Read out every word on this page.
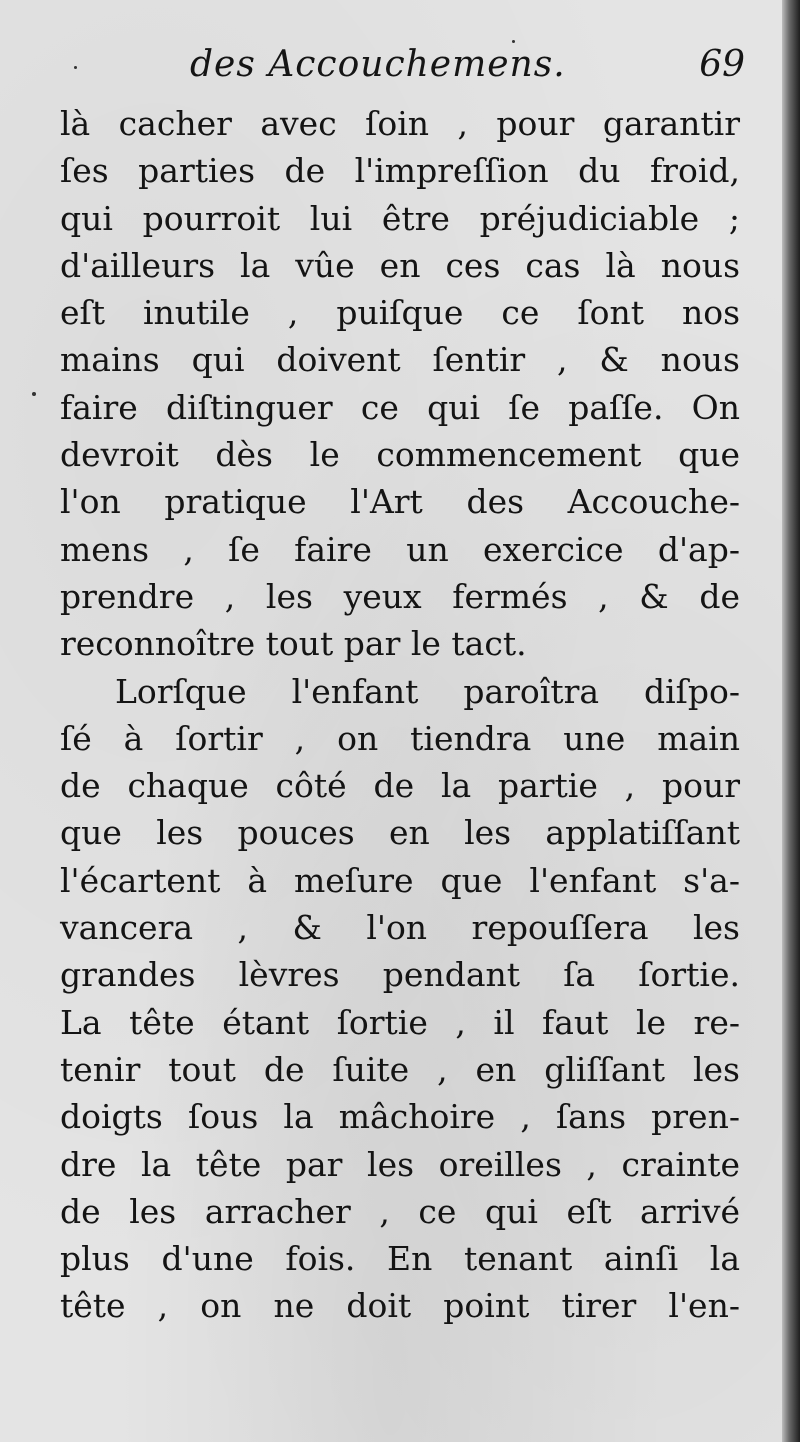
des Accouchemens.	69
là cacher avec ſoin , pour garantir
ſes parties de l'impreſſion du froid,
qui pourroit lui être préjudiciable ;
d'ailleurs la vûe en ces cas là nous
eſt inutile , puiſque ce ſont nos
mains qui doivent ſentir , & nous
faire diſtinguer ce qui ſe paſſe. On
devroit dès le commencement que
l'on pratique l'Art des Accouche-
mens , ſe faire un exercice d'ap-
prendre , les yeux fermés , & de
reconnoître tout par le tact.
Lorſque l'enfant paroîtra diſpo-
ſé à ſortir , on tiendra une main
de chaque côté de la partie , pour
que les pouces en les applatiſſant
l'écartent à meſure que l'enfant s'a-
vancera , & l'on repouſſera les
grandes lèvres pendant ſa ſortie.
La tête étant ſortie , il faut le re-
tenir tout de ſuite , en gliſſant les
doigts ſous la mâchoire , ſans pren-
dre la tête par les oreilles , crainte
de les arracher , ce qui eſt arrivé
plus d'une fois. En tenant ainſi la
tête , on ne doit point tirer l'en-
